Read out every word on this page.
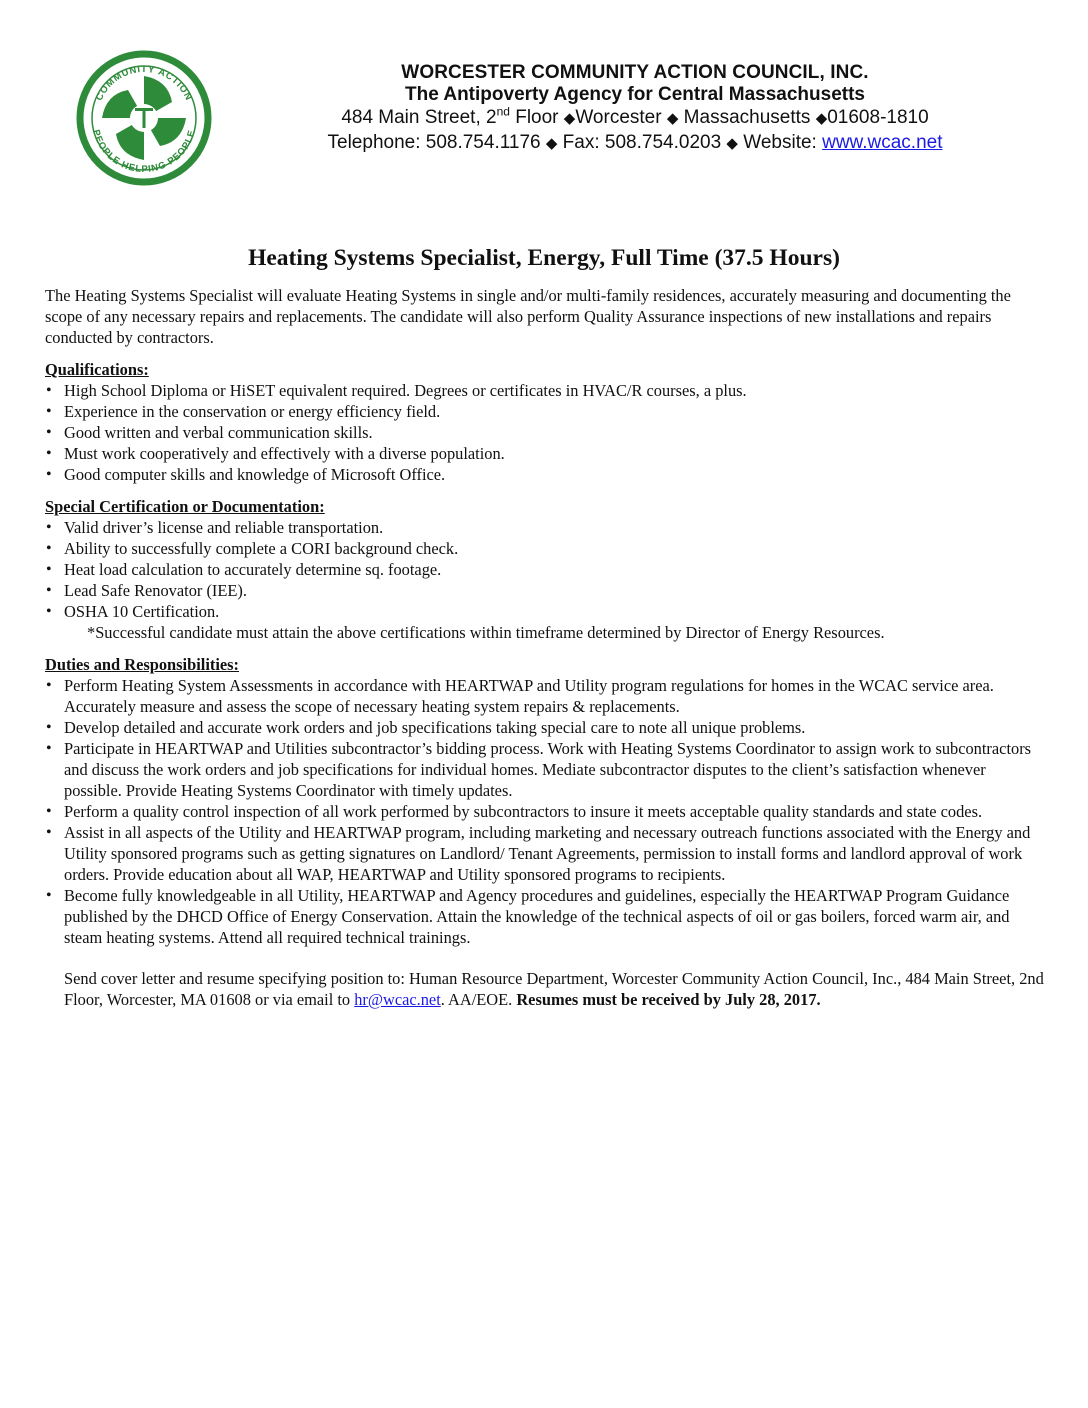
COMMUNITY ACTION
PEOPLE HELPING PEOPLE
WORCESTER COMMUNITY ACTION COUNCIL, INC.
The Antipoverty Agency for Central Massachusetts
484 Main Street, 2nd Floor ◆Worcester ◆ Massachusetts ◆01608-1810
Telephone: 508.754.1176 ◆ Fax: 508.754.0203 ◆ Website: www.wcac.net
Heating Systems Specialist, Energy, Full Time (37.5 Hours)

The Heating Systems Specialist will evaluate Heating Systems in single and/or multi-family residences, accurately measuring and documenting the scope of any necessary repairs and replacements. The candidate will also perform Quality Assurance inspections of new installations and repairs conducted by contractors.

Qualifications:
• High School Diploma or HiSET equivalent required. Degrees or certificates in HVAC/R courses, a plus.
• Experience in the conservation or energy efficiency field.
• Good written and verbal communication skills.
• Must work cooperatively and effectively with a diverse population.
• Good computer skills and knowledge of Microsoft Office.
Special Certification or Documentation:
• Valid driver’s license and reliable transportation.
• Ability to successfully complete a CORI background check.
• Heat load calculation to accurately determine sq. footage.
• Lead Safe Renovator (IEE).
• OSHA 10 Certification.

*Successful candidate must attain the above certifications within timeframe determined by Director of Energy Resources.

Duties and Responsibilities:
• Perform Heating System Assessments in accordance with HEARTWAP and Utility program regulations for homes in the WCAC service area. Accurately measure and assess the scope of necessary heating system repairs & replacements.
• Develop detailed and accurate work orders and job specifications taking special care to note all unique problems.
• Participate in HEARTWAP and Utilities subcontractor’s bidding process. Work with Heating Systems Coordinator to assign work to subcontractors and discuss the work orders and job specifications for individual homes. Mediate subcontractor disputes to the client’s satisfaction whenever possible. Provide Heating Systems Coordinator with timely updates.
• Perform a quality control inspection of all work performed by subcontractors to insure it meets acceptable quality standards and state codes.
• Assist in all aspects of the Utility and HEARTWAP program, including marketing and necessary outreach functions associated with the Energy and Utility sponsored programs such as getting signatures on Landlord/ Tenant Agreements, permission to install forms and landlord approval of work orders. Provide education about all WAP, HEARTWAP and Utility sponsored programs to recipients.
• Become fully knowledgeable in all Utility, HEARTWAP and Agency procedures and guidelines, especially the HEARTWAP Program Guidance published by the DHCD Office of Energy Conservation. Attain the knowledge of the technical aspects of oil or gas boilers, forced warm air, and steam heating systems. Attend all required technical trainings.

Send cover letter and resume specifying position to: Human Resource Department, Worcester Community Action Council, Inc., 484 Main Street, 2nd Floor, Worcester, MA 01608 or via email to hr@wcac.net. AA/EOE. Resumes must be received by July 28, 2017.
